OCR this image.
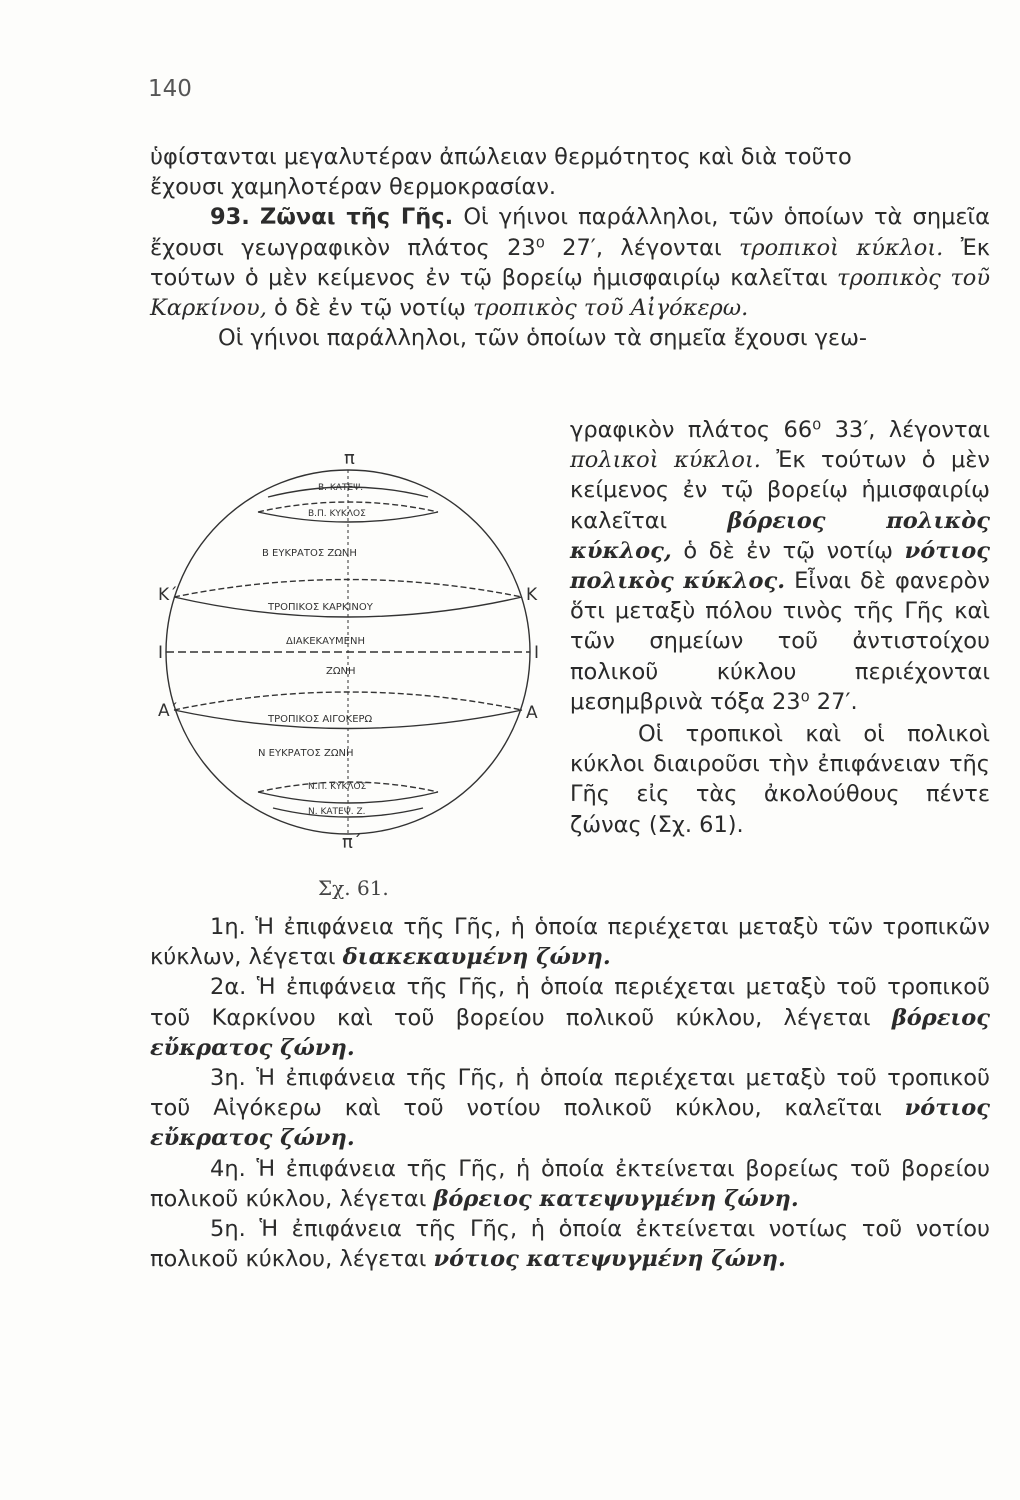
140

ὑφίστανται μεγαλυτέραν ἀπώλειαν θερμότητος καὶ διὰ τοῦτο

ἔχουσι χαμηλοτέραν θερμοκρασίαν.

93. Ζῶναι τῆς Γῆς. Οἱ γήινοι παράλληλοι, τῶν ὁποίων τὰ σημεῖα ἔχουσι γεωγραφικὸν πλάτος 23⁰ 27′, λέγονται τροπικοὶ κύκλοι. Ἐκ τούτων ὁ μὲν κείμενος ἐν τῷ βορείῳ ἡμισφαιρίῳ καλεῖται τροπικὸς τοῦ Καρκίνου, ὁ δὲ ἐν τῷ νοτίῳ τροπικὸς τοῦ Αἰγόκερω.

Οἱ γήινοι παράλληλοι, τῶν ὁποίων τὰ σημεῖα ἔχουσι γεω-

γραφικὸν πλάτος 66⁰ 33′, λέγονται πολικοὶ κύκλοι. Ἐκ τούτων ὁ μὲν κείμενος ἐν τῷ βορείῳ ἡμισφαιρίῳ καλεῖται	βόρειος πολικὸς κύκλος, ὁ δὲ ἐν τῷ νοτίῳ νότιος πολικὸς κύκλος. Εἶναι δὲ φανερὸν ὅτι μεταξὺ πόλου τινὸς τῆς Γῆς καὶ τῶν σημείων τοῦ ἀντιστοίχου πολικοῦ κύκλου περιέχονται μεσημβρινὰ τόξα 23⁰ 27′.

Οἱ τροπικοὶ καὶ οἱ πολικοὶ κύκλοι διαιροῦσι τὴν ἐπιφάνειαν τῆς Γῆς εἰς τὰς ἀκολούθους πέντε ζώνας (Σχ. 61).

π
π΄
Κ΄
Ι
Α΄
Κ
Ι
Α
Β. ΚΑΤΕΨ.
Β.Π. ΚΥΚΛΟΣ
Β ΕΥΚΡΑΤΟΣ ΖΩΝΗ
ΤΡΟΠΙΚΟΣ ΚΑΡΚΙΝΟΥ
ΔΙΑΚΕΚΑΥΜΕΝΗ
ΖΩΝΗ
ΤΡΟΠΙΚΟΣ ΑΙΓΟΚΕΡΩ
Ν ΕΥΚΡΑΤΟΣ ΖΩΝΗ
Ν.Π. ΚΥΚΛΟΣ
Ν. ΚΑΤΕΨ. Ζ.
Σχ. 61.

1η. Ἡ ἐπιφάνεια τῆς Γῆς, ἡ ὁποία περιέχεται μεταξὺ τῶν τροπικῶν κύκλων, λέγεται διακεκαυμένη ζώνη.

2α. Ἡ ἐπιφάνεια τῆς Γῆς, ἡ ὁποία περιέχεται μεταξὺ τοῦ τροπικοῦ τοῦ Καρκίνου καὶ τοῦ βορείου πολικοῦ κύκλου, λέγεται βόρειος εὔκρατος ζώνη.

3η. Ἡ ἐπιφάνεια τῆς Γῆς, ἡ ὁποία περιέχεται μεταξὺ τοῦ τροπικοῦ τοῦ Αἰγόκερω καὶ τοῦ νοτίου πολικοῦ κύκλου, καλεῖται νότιος εὔκρατος ζώνη.

4η. Ἡ ἐπιφάνεια τῆς Γῆς, ἡ ὁποία ἐκτείνεται βορείως τοῦ βορείου πολικοῦ κύκλου, λέγεται βόρειος κατεψυγμένη ζώνη.

5η. Ἡ ἐπιφάνεια τῆς Γῆς, ἡ ὁποία ἐκτείνεται νοτίως τοῦ νοτίου πολικοῦ κύκλου, λέγεται νότιος κατεψυγμένη ζώνη.
